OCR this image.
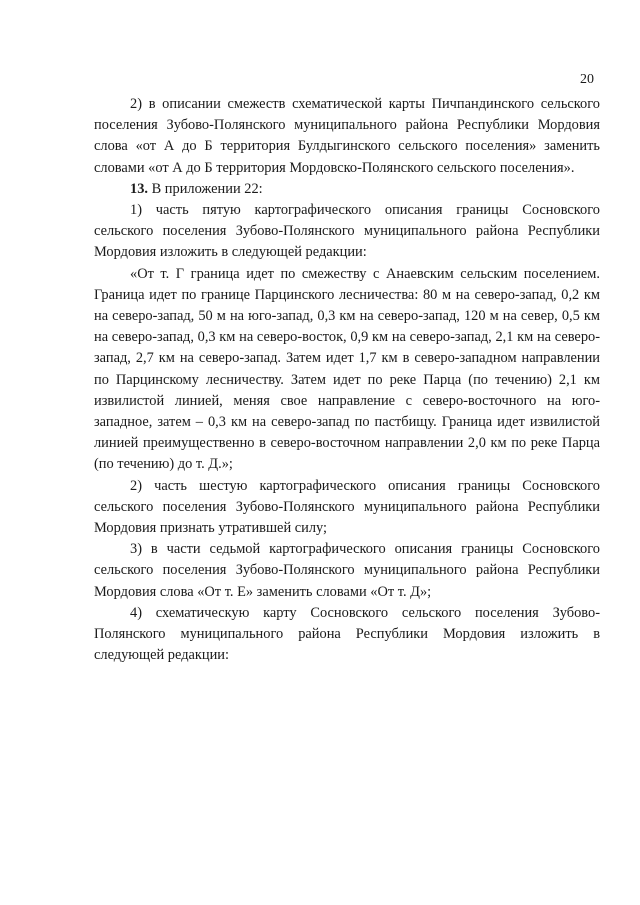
20

2) в описании смежеств схематической карты Пичпандинского сельского поселения Зубово-Полянского муниципального района Республики Мордовия слова «от А до Б территория Булдыгинского сельского поселения» заменить словами «от А до Б территория Мордовско-Полянского сельского поселения».

13. В приложении 22:

1) часть пятую картографического описания границы Сосновского сельского поселения Зубово-Полянского муниципального района Республики Мордовия изложить в следующей редакции:

«От т. Г граница идет по смежеству с Анаевским сельским поселением. Граница идет по границе Парцинского лесничества: 80 м на северо-запад, 0,2 км на северо-запад, 50 м на юго-запад, 0,3 км на северо-запад, 120 м на север, 0,5 км на северо-запад, 0,3 км на северо-восток, 0,9 км на северо-запад, 2,1 км на северо-запад, 2,7 км на северо-запад. Затем идет 1,7 км в северо-западном направлении по Парцинскому лесничеству. Затем идет по реке Парца (по течению) 2,1 км извилистой линией, меняя свое направление с северо-восточного на юго-западное, затем – 0,3 км на северо-запад по пастбищу. Граница идет извилистой линией преимущественно в северо-восточном направлении 2,0 км по реке Парца (по течению) до т. Д.»;

2) часть шестую картографического описания границы Сосновского сельского поселения Зубово-Полянского муниципального района Республики Мордовия признать утратившей силу;

3) в части седьмой картографического описания границы Сосновского сельского поселения Зубово-Полянского муниципального района Республики Мордовия слова «От т. Е» заменить словами «От т. Д»;

4) схематическую карту Сосновского сельского поселения Зубово-Полянского муниципального района Республики Мордовия изложить в следующей редакции:
